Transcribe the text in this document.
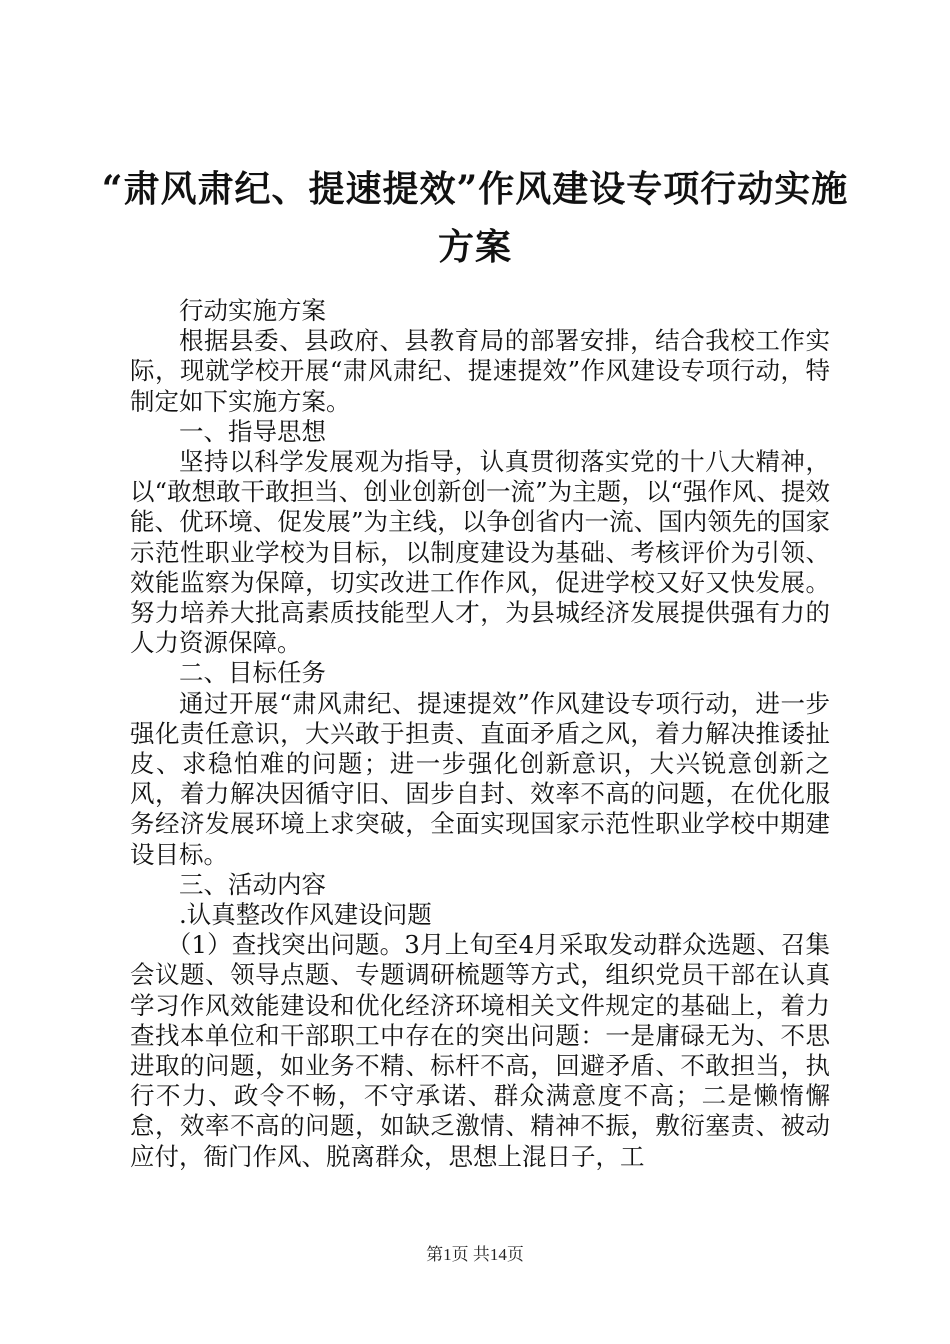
“肃风肃纪、提速提效”作风建设专项行动实施方案

行动实施方案

根据县委、县政府、县教育局的部署安排，结合我校工作实际，现就学校开展“肃风肃纪、提速提效”作风建设专项行动，特制定如下实施方案。

一、指导思想

坚持以科学发展观为指导，认真贯彻落实党的十八大精神，以“敢想敢干敢担当、创业创新创一流”为主题，以“强作风、提效能、优环境、促发展”为主线，以争创省内一流、国内领先的国家示范性职业学校为目标，以制度建设为基础、考核评价为引领、效能监察为保障，切实改进工作作风，促进学校又好又快发展。努力培养大批高素质技能型人才，为县城经济发展提供强有力的人力资源保障。

二、目标任务

通过开展“肃风肃纪、提速提效”作风建设专项行动，进一步强化责任意识，大兴敢于担责、直面矛盾之风，着力解决推诿扯皮、求稳怕难的问题；进一步强化创新意识，大兴锐意创新之风，着力解决因循守旧、固步自封、效率不高的问题，在优化服务经济发展环境上求突破，全面实现国家示范性职业学校中期建设目标。

三、活动内容

.认真整改作风建设问题

（1）查找突出问题。3月上旬至4月采取发动群众选题、召集会议题、领导点题、专题调研梳题等方式，组织党员干部在认真学习作风效能建设和优化经济环境相关文件规定的基础上，着力查找本单位和干部职工中存在的突出问题：一是庸碌无为、不思进取的问题，如业务不精、标杆不高，回避矛盾、不敢担当，执行不力、政令不畅，不守承诺、群众满意度不高；二是懒惰懈怠，效率不高的问题，如缺乏激情、精神不振，敷衍塞责、被动应付，衙门作风、脱离群众，思想上混日子，工

第1页 共14页
